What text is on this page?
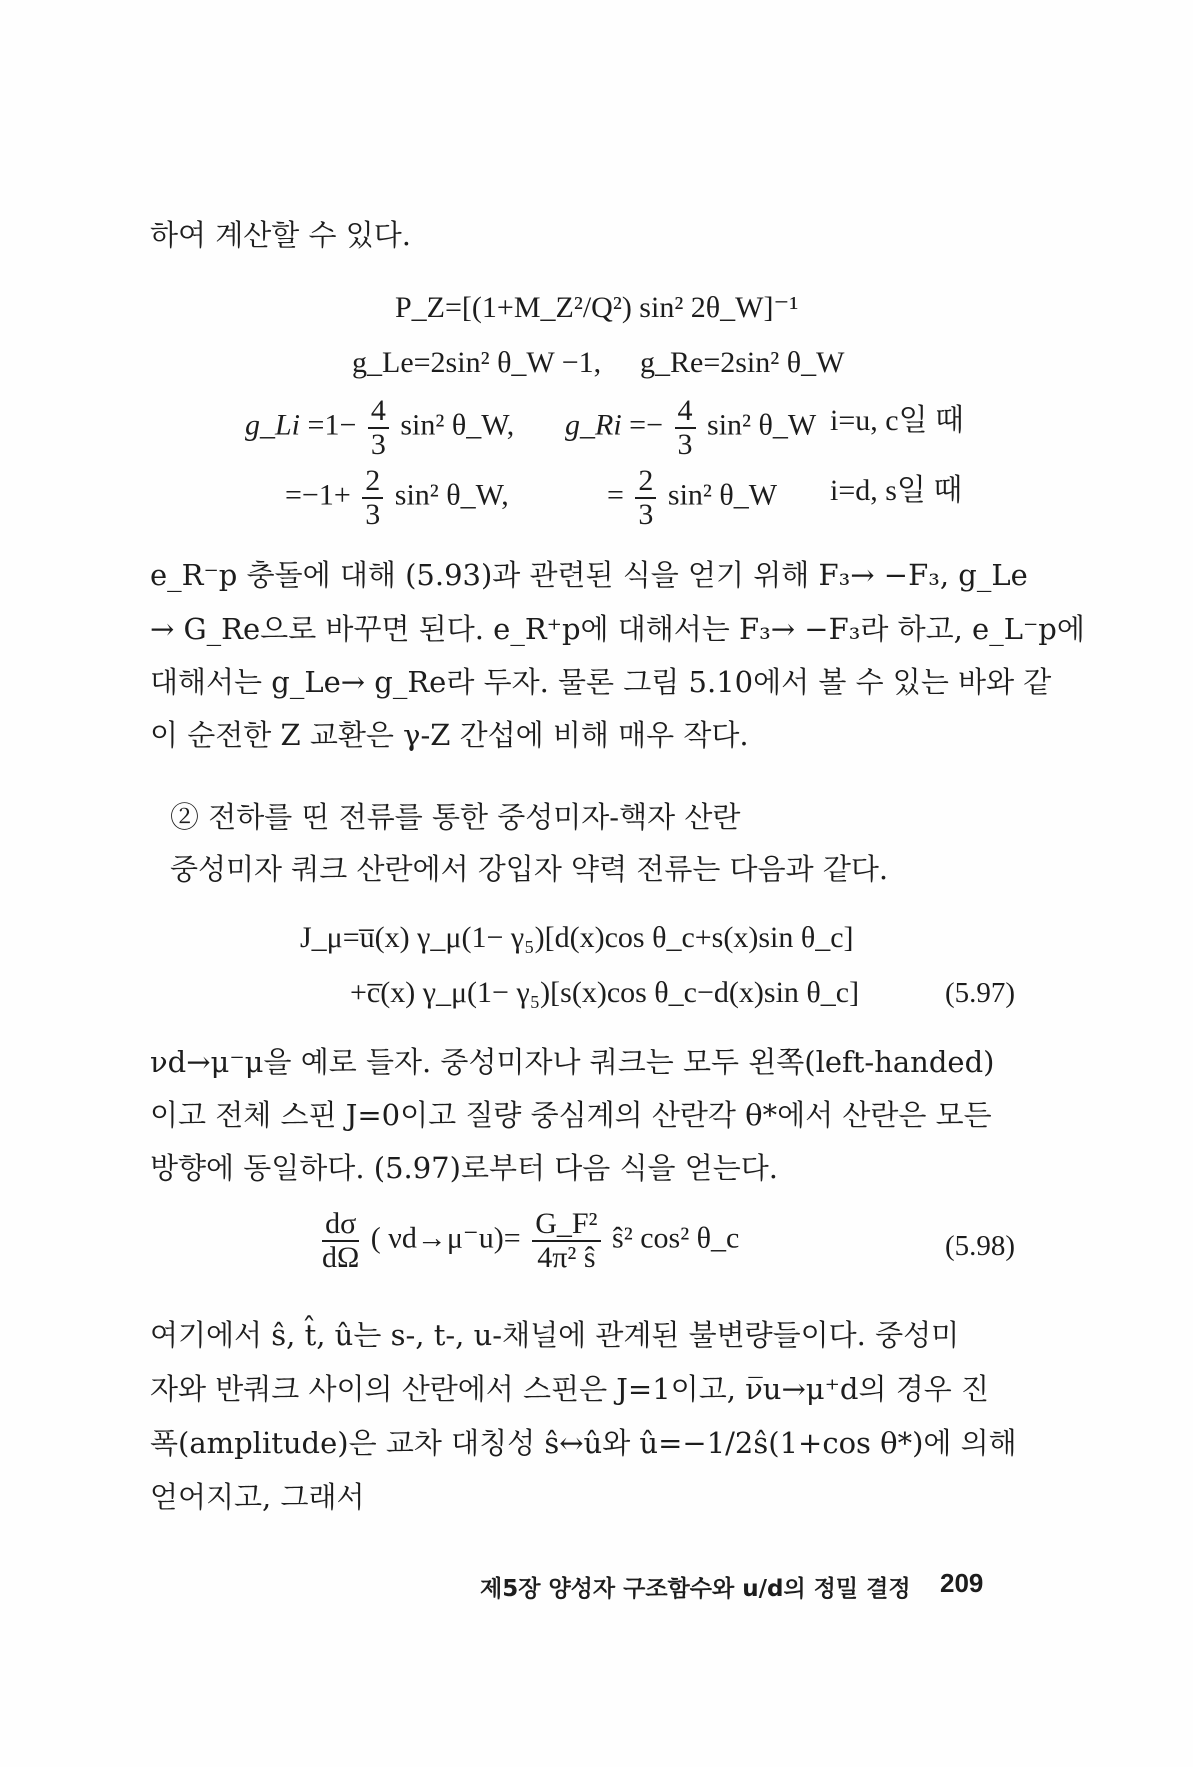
하여 계산할 수 있다.
P_Z=[(1+M_Z²/Q²) sin² 2θ_W]⁻¹
g_Le=2sin² θ_W −1, g_Re=2sin² θ_W
g_Li $=1- \frac{4}{3} \sin^2$ θ_W, g_Ri =− $\frac{4}{3} \sin^2$ θ_W i=u, c일 때
$=-1+ \frac{2}{3} \sin^2$ θ_W,	= $\frac{2}{3} \sin^2$ θ_W i=d, s일 때
e_R⁻p 충돌에 대해 (5.93)과 관련된 식을 얻기 위해 F₃→ −F₃, g_Le
→ G_Re으로 바꾸면 된다. e_R⁺p에 대해서는 F₃→ −F₃라 하고, e_L⁻p에
대해서는 g_Le→ g_Re라 두자. 물론 그림 5.10에서 볼 수 있는 바와 같
이 순전한 Z 교환은 γ-Z 간섭에 비해 매우 작다.
② 전하를 띤 전류를 통한 중성미자-핵자 산란
중성미자 쿼크 산란에서 강입자 약력 전류는 다음과 같다.
J_μ=u̅(x) γ_μ(1− γ₅)[d(x)cos θ_c+s(x)sin θ_c]
+c̅(x) γ_μ(1− γ₅)[s(x)cos θ_c−d(x)sin θ_c]	(5.97)
νd→μ⁻μ을 예로 들자. 중성미자나 쿼크는 모두 왼쪽(left-handed)
이고 전체 스핀 J=0이고 질량 중심계의 산란각 θ*에서 산란은 모든
방향에 동일하다. (5.97)로부터 다음 식을 얻는다.
$\frac{d\sigma}{d\Omega}$ ( $\nu d\to\mu^-u)= \frac{\text{G\_F²}}{\text{4π² ŝ}}$ ŝ² cos² θ_c	(5.98)
여기에서 ŝ, t̂, û는 s-, t-, u-채널에 관계된 불변량들이다. 중성미
자와 반쿼크 사이의 산란에서 스핀은 J=1이고, ν̅u→μ⁺d의 경우 진
폭(amplitude)은 교차 대칭성 ŝ↔û와 û=−1/2ŝ(1+cos θ*)에 의해
얻어지고, 그래서
제5장 양성자 구조함수와 u/d의 정밀 결정 209
